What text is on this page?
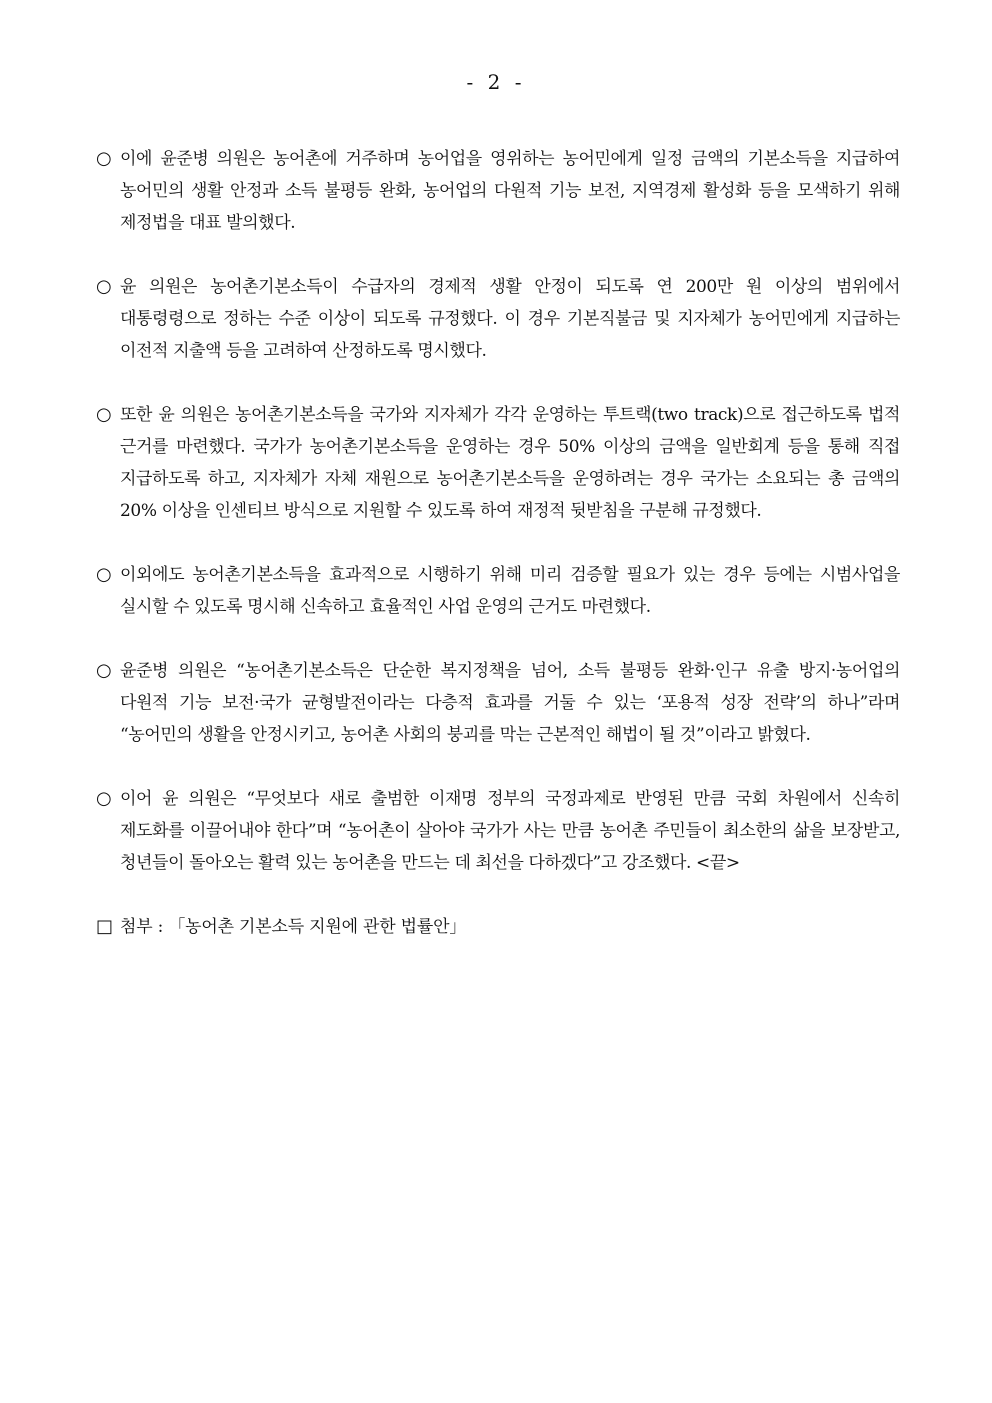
- 2 -
○ 이에 윤준병 의원은 농어촌에 거주하며 농어업을 영위하는 농어민에게 일정 금액의 기본소득을 지급하여 농어민의 생활 안정과 소득 불평등 완화, 농어업의 다원적 기능 보전, 지역경제 활성화 등을 모색하기 위해 제정법을 대표 발의했다.
○ 윤 의원은 농어촌기본소득이 수급자의 경제적 생활 안정이 되도록 연 200만 원 이상의 범위에서 대통령령으로 정하는 수준 이상이 되도록 규정했다. 이 경우 기본직불금 및 지자체가 농어민에게 지급하는 이전적 지출액 등을 고려하여 산정하도록 명시했다.
○ 또한 윤 의원은 농어촌기본소득을 국가와 지자체가 각각 운영하는 투트랙(two track)으로 접근하도록 법적 근거를 마련했다. 국가가 농어촌기본소득을 운영하는 경우 50% 이상의 금액을 일반회계 등을 통해 직접 지급하도록 하고, 지자체가 자체 재원으로 농어촌기본소득을 운영하려는 경우 국가는 소요되는 총 금액의 20% 이상을 인센티브 방식으로 지원할 수 있도록 하여 재정적 뒷받침을 구분해 규정했다.
○ 이외에도 농어촌기본소득을 효과적으로 시행하기 위해 미리 검증할 필요가 있는 경우 등에는 시범사업을 실시할 수 있도록 명시해 신속하고 효율적인 사업 운영의 근거도 마련했다.
○ 윤준병 의원은 “농어촌기본소득은 단순한 복지정책을 넘어, 소득 불평등 완화·인구 유출 방지·농어업의 다원적 기능 보전·국가 균형발전이라는 다층적 효과를 거둘 수 있는 ‘포용적 성장 전략’의 하나”라며 “농어민의 생활을 안정시키고, 농어촌 사회의 붕괴를 막는 근본적인 해법이 될 것”이라고 밝혔다.
○ 이어 윤 의원은 “무엇보다 새로 출범한 이재명 정부의 국정과제로 반영된 만큼 국회 차원에서 신속히 제도화를 이끌어내야 한다”며 “농어촌이 살아야 국가가 사는 만큼 농어촌 주민들이 최소한의 삶을 보장받고, 청년들이 돌아오는 활력 있는 농어촌을 만드는 데 최선을 다하겠다”고 강조했다. <끝>
□ 첨부 : 「농어촌 기본소득 지원에 관한 법률안」
